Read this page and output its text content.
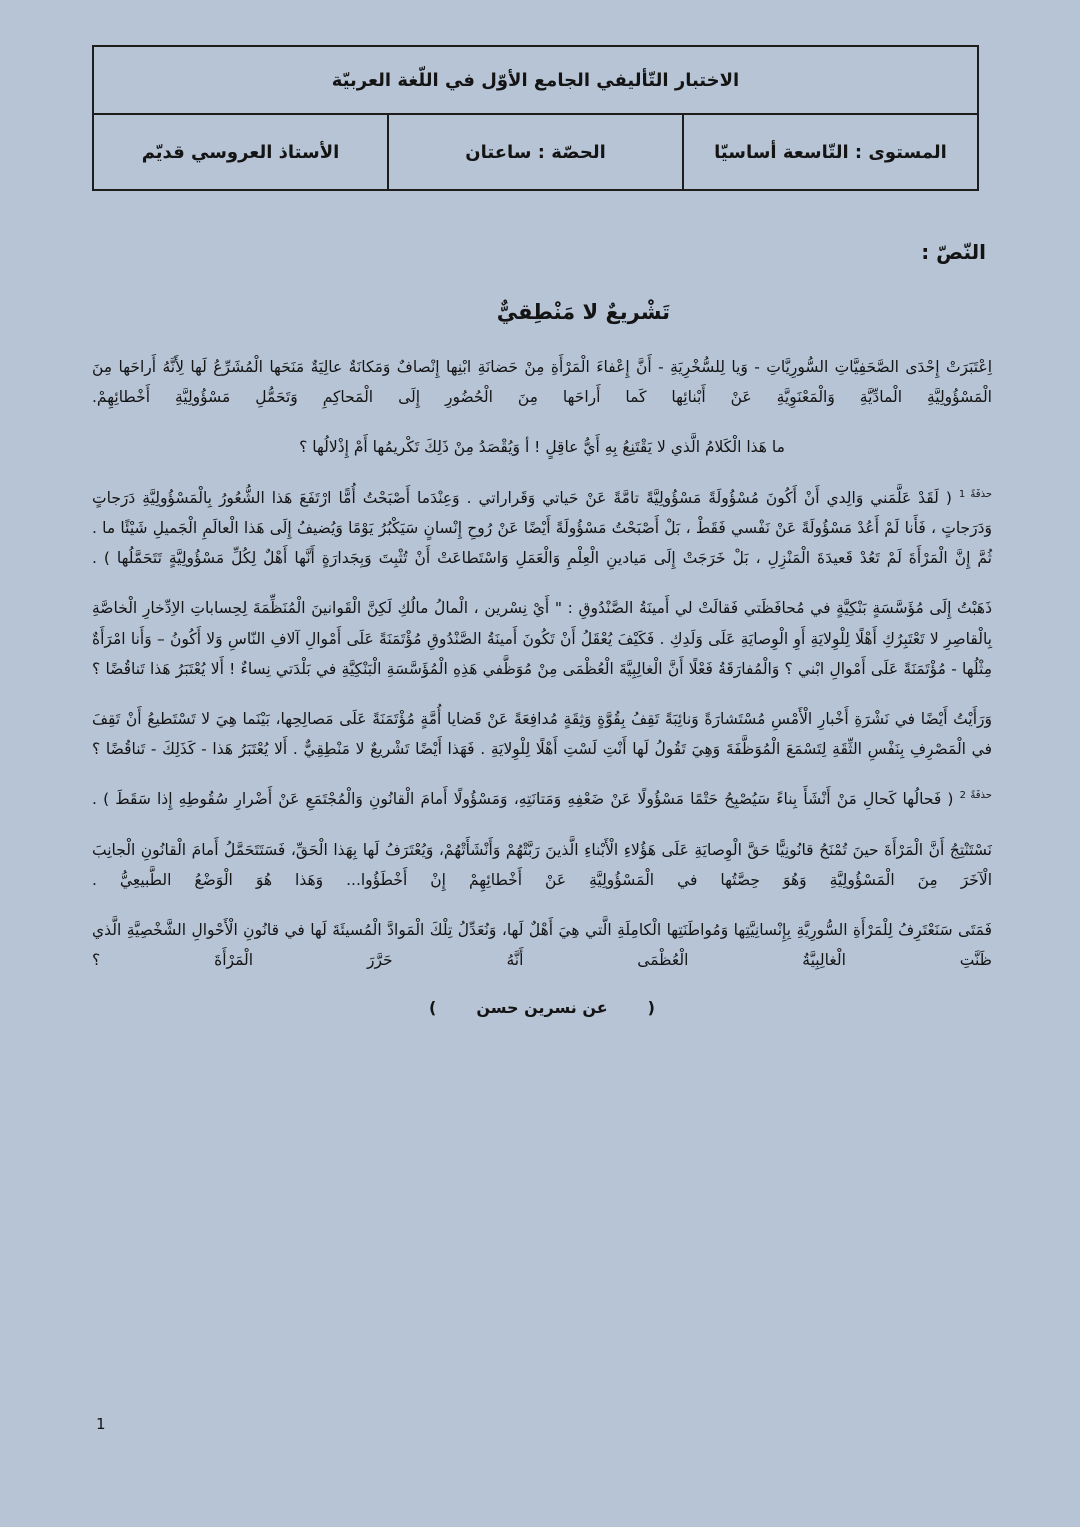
الاختبار التّأليفي الجامع الأوّل في اللّغة العربيّة
المستوى : التّاسعة أساسيّا	الحصّة : ساعتان	الأستاذ العروسي قديّم
النّصّ :
تَشْريعٌ لا مَنْطِقيٌّ

اِعْتَبَرَتْ إِحْدَى الصَّحَفِيَّاتِ السُّورِيَّاتِ - وَيا لِلسُّخْرِيَةِ - أَنَّ إِعْفاءَ الْمَرْأَةِ مِنْ حَضانَةِ ابْنِها إِنْصافٌ وَمَكانَةٌ عالِيَةٌ مَنَحَها الْمُشَرِّعُ لَها لِأَنَّهُ أَراحَها مِنَ الْمَسْؤُولِيَّةِ الْمادِّيَّةِ وَالْمَعْنَوِيَّةِ عَنْ أَبْنائِها كَما أَراحَها مِنَ الْحُضُورِ إِلَى الْمَحاكِمِ وَتَحَمُّلِ مَسْؤُولِيَّةِ أَخْطائِهِمْ.

ما هَذا الْكَلامُ الَّذي لا يَقْتَنِعُ بِهِ أَيُّ عاقِلٍ ! أ وَيُقْصَدُ مِنْ ذَلِكَ تَكْريمُها أَمْ إِذْلالُها ؟

$^{حذفَةً 1}$ ( لَقَدْ عَلَّمَني وَالِدي أَنْ أَكُونَ مُسْؤُولَةً مَسْؤُولِيَّةً تامَّةً عَنْ حَياتي وَقَراراتي . وَعِنْدَما أَصْبَحْتُ أُمًّا ارْتَفَعَ هَذا الشُّعُورُ بِالْمَسْؤُولِيَّةِ دَرَجاتٍ وَدَرَجاتٍ ، فَأَنا لَمْ أَعُدْ مَسْؤُولَةً عَنْ نَفْسي فَقَطْ ، بَلْ أَصْبَحْتُ مَسْؤُولَةً أَيْضًا عَنْ رُوحِ إِنْسانٍ سَيَكْبُرُ يَوْمًا وَيُضيفُ إِلَى هَذا الْعالَمِ الْجَميلِ شَيْئًا ما . ثُمَّ إِنَّ الْمَرْأَةَ لَمْ تَعُدْ قَعيدَةَ الْمَنْزِلِ ، بَلْ خَرَجَتْ إِلَى مَيادينِ الْعِلْمِ وَالْعَمَلِ وَاسْتَطاعَتْ أَنْ تُثْبِتَ وَبِجَدارَةٍ أَنَّها أَهْلٌ لِكُلِّ مَسْؤُولِيَّةٍ تَتَحَمَّلُها ) .

ذَهَبْتُ إِلَى مُؤَسَّسَةٍ بَنْكِيَّةٍ في مُحافَظَتي فَقالَتْ لي أَمينَةُ الصَّنْدُوقِ : " أَيْ نِسْرين ، الْمالُ مالُكِ لَكِنَّ الْقَوانينَ الْمُنَظِّمَةَ لِحِساباتِ الاِدِّخارِ الْخاصَّةِ بِالْقاصِرِ لا تَعْتَبِرُكِ أَهْلًا لِلْوِلايَةِ أَوِ الْوِصايَةِ عَلَى وَلَدِكِ . فَكَيْفَ يُعْقَلُ أَنْ تَكُونَ أَمينَةُ الصَّنْدُوقِ مُؤْتَمَنَةً عَلَى أَمْوالِ آلافِ النّاسِ وَلا أَكُونُ – وَأَنا امْرَأَةٌ مِثْلُها - مُؤْتَمَنَةً عَلَى أَمْوالِ ابْني ؟ وَالْمُفارَقَةُ فَعْلًا أَنَّ الْغالِبِيَّةَ الْعُظْمَى مِنْ مُوَظَّفي هَذِهِ الْمُؤَسَّسَةِ الْبَنْكِيَّةِ في بَلْدَتي نِساءٌ ! أَلا يُعْتَبَرُ هَذا تَناقُضًا ؟

وَرَأَيْتُ أَيْضًا في نَشْرَةِ أَخْبارِ الْأَمْسِ مُسْتَشارَةً وَنائِبَةً تَقِفُ بِقُوَّةٍ وَثِقَةٍ مُدافِعَةً عَنْ قَضايا أُمَّةٍ مُؤْتَمَنَةً عَلَى مَصالِحِها، بَيْنَما هِيَ لا تَسْتَطيعُ أَنْ تَقِفَ في الْمَصْرِفِ بِنَفْسِ الثِّقَةِ لِتَسْمَعَ الْمُوَظَّفَةَ وَهِيَ تَقُولُ لَها أَنْتِ لَسْتِ أَهْلًا لِلْوِلايَةِ . فَهَذا أَيْضًا تَشْريعٌ لا مَنْطِقِيٌّ . أَلا يُعْتَبَرُ هَذا - كَذَلِكَ - تَناقُضًا ؟

$^{حذفَةً 2}$ ( فَحالُها كَحالِ مَنْ أَنْشَأَ بِناءً سَيُصْبِحُ حَتْمًا مَسْؤُولًا عَنْ ضَعْفِهِ وَمَتانَتِهِ، وَمَسْؤُولًا أَمامَ الْقانُونِ وَالْمُجْتَمَعِ عَنْ أَضْرارِ سُقُوطِهِ إِذا سَقَطَ ) .

نَسْتَنْتِجُ أَنَّ الْمَرْأَةَ حينَ تُمْنَحُ قانُونِيًّا حَقَّ الْوِصايَةِ عَلَى هَؤُلاءِ الْأَبْناءِ الَّذينَ رَبَّتْهُمْ وَأَنْشَأَتْهُمْ، وَيُعْتَرَفُ لَها بِهَذا الْحَقِّ، فَسَتَتَحَمَّلُ أَمامَ الْقانُونِ الْجانِبَ الْآخَرَ مِنَ الْمَسْؤُولِيَّةِ وَهُوَ حِصَّتُها في الْمَسْؤُولِيَّةِ عَنْ أَخْطائِهِمْ إِنْ أَخْطَؤُوا... وَهَذا هُوَ الْوَضْعُ الطَّبيعِيُّ .

فَمَتَى سَنَعْتَرِفُ لِلْمَرْأَةِ السُّورِيَّةِ بِإِنْسانِيَّتِها وَمُواطَنَتِها الْكامِلَةِ الَّتي هِيَ أَهْلٌ لَها، وَنُعَدِّلُ تِلْكَ الْمَوادَّ الْمُسيئَةَ لَها في قانُونِ الْأَحْوالِ الشَّخْصِيَّةِ الَّذي ظَنَّتِ الْغالِبِيَّةُ الْعُظْمَى أَنَّهُ حَرَّرَ الْمَرْأَةَ ؟

(عن نسرين حسن)
1
